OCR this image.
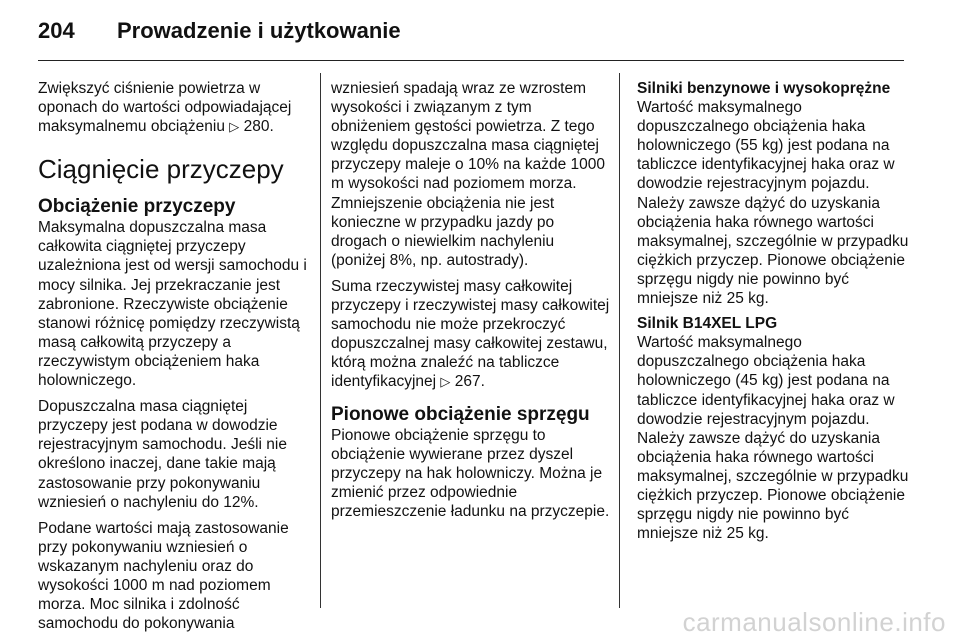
204 Prowadzenie i użytkowanie

Zwiększyć ciśnienie powietrza w oponach do wartości odpowiadającej maksymalnemu obciążeniu ▷ 280.

Ciągnięcie przyczepy
Obciążenie przyczepy

Maksymalna dopuszczalna masa całkowita ciągniętej przyczepy uzależniona jest od wersji samochodu i mocy silnika. Jej przekraczanie jest zabronione. Rzeczywiste obciążenie stanowi różnicę pomiędzy rzeczywistą masą całkowitą przyczepy a rzeczywistym obciążeniem haka holowniczego.

Dopuszczalna masa ciągniętej przyczepy jest podana w dowodzie rejestracyjnym samochodu. Jeśli nie określono inaczej, dane takie mają zastosowanie przy pokonywaniu wzniesień o nachyleniu do 12%.

Podane wartości mają zastosowanie przy pokonywaniu wzniesień o wskazanym nachyleniu oraz do wysokości 1000 m nad poziomem morza. Moc silnika i zdolność samochodu do pokonywania

wzniesień spadają wraz ze wzrostem wysokości i związanym z tym obniżeniem gęstości powietrza. Z tego względu dopuszczalna masa ciągniętej przyczepy maleje o 10% na każde 1000 m wysokości nad poziomem morza. Zmniejszenie obciążenia nie jest konieczne w przypadku jazdy po drogach o niewielkim nachyleniu (poniżej 8%, np. autostrady).

Suma rzeczywistej masy całkowitej przyczepy i rzeczywistej masy całkowitej samochodu nie może przekroczyć dopuszczalnej masy całkowitej zestawu, którą można znaleźć na tabliczce identyfikacyjnej ▷ 267.

Pionowe obciążenie sprzęgu

Pionowe obciążenie sprzęgu to obciążenie wywierane przez dyszel przyczepy na hak holowniczy. Można je zmienić przez odpowiednie przemieszczenie ładunku na przyczepie.

Silniki benzynowe i wysokoprężne

Wartość maksymalnego dopuszczalnego obciążenia haka holowniczego (55 kg) jest podana na tabliczce identyfikacyjnej haka oraz w dowodzie rejestracyjnym pojazdu. Należy zawsze dążyć do uzyskania obciążenia haka równego wartości maksymalnej, szczególnie w przypadku ciężkich przyczep. Pionowe obciążenie sprzęgu nigdy nie powinno być mniejsze niż 25 kg.

Silnik B14XEL LPG

Wartość maksymalnego dopuszczalnego obciążenia haka holowniczego (45 kg) jest podana na tabliczce identyfikacyjnej haka oraz w dowodzie rejestracyjnym pojazdu. Należy zawsze dążyć do uzyskania obciążenia haka równego wartości maksymalnej, szczególnie w przypadku ciężkich przyczep. Pionowe obciążenie sprzęgu nigdy nie powinno być mniejsze niż 25 kg.

carmanualsonline.info
